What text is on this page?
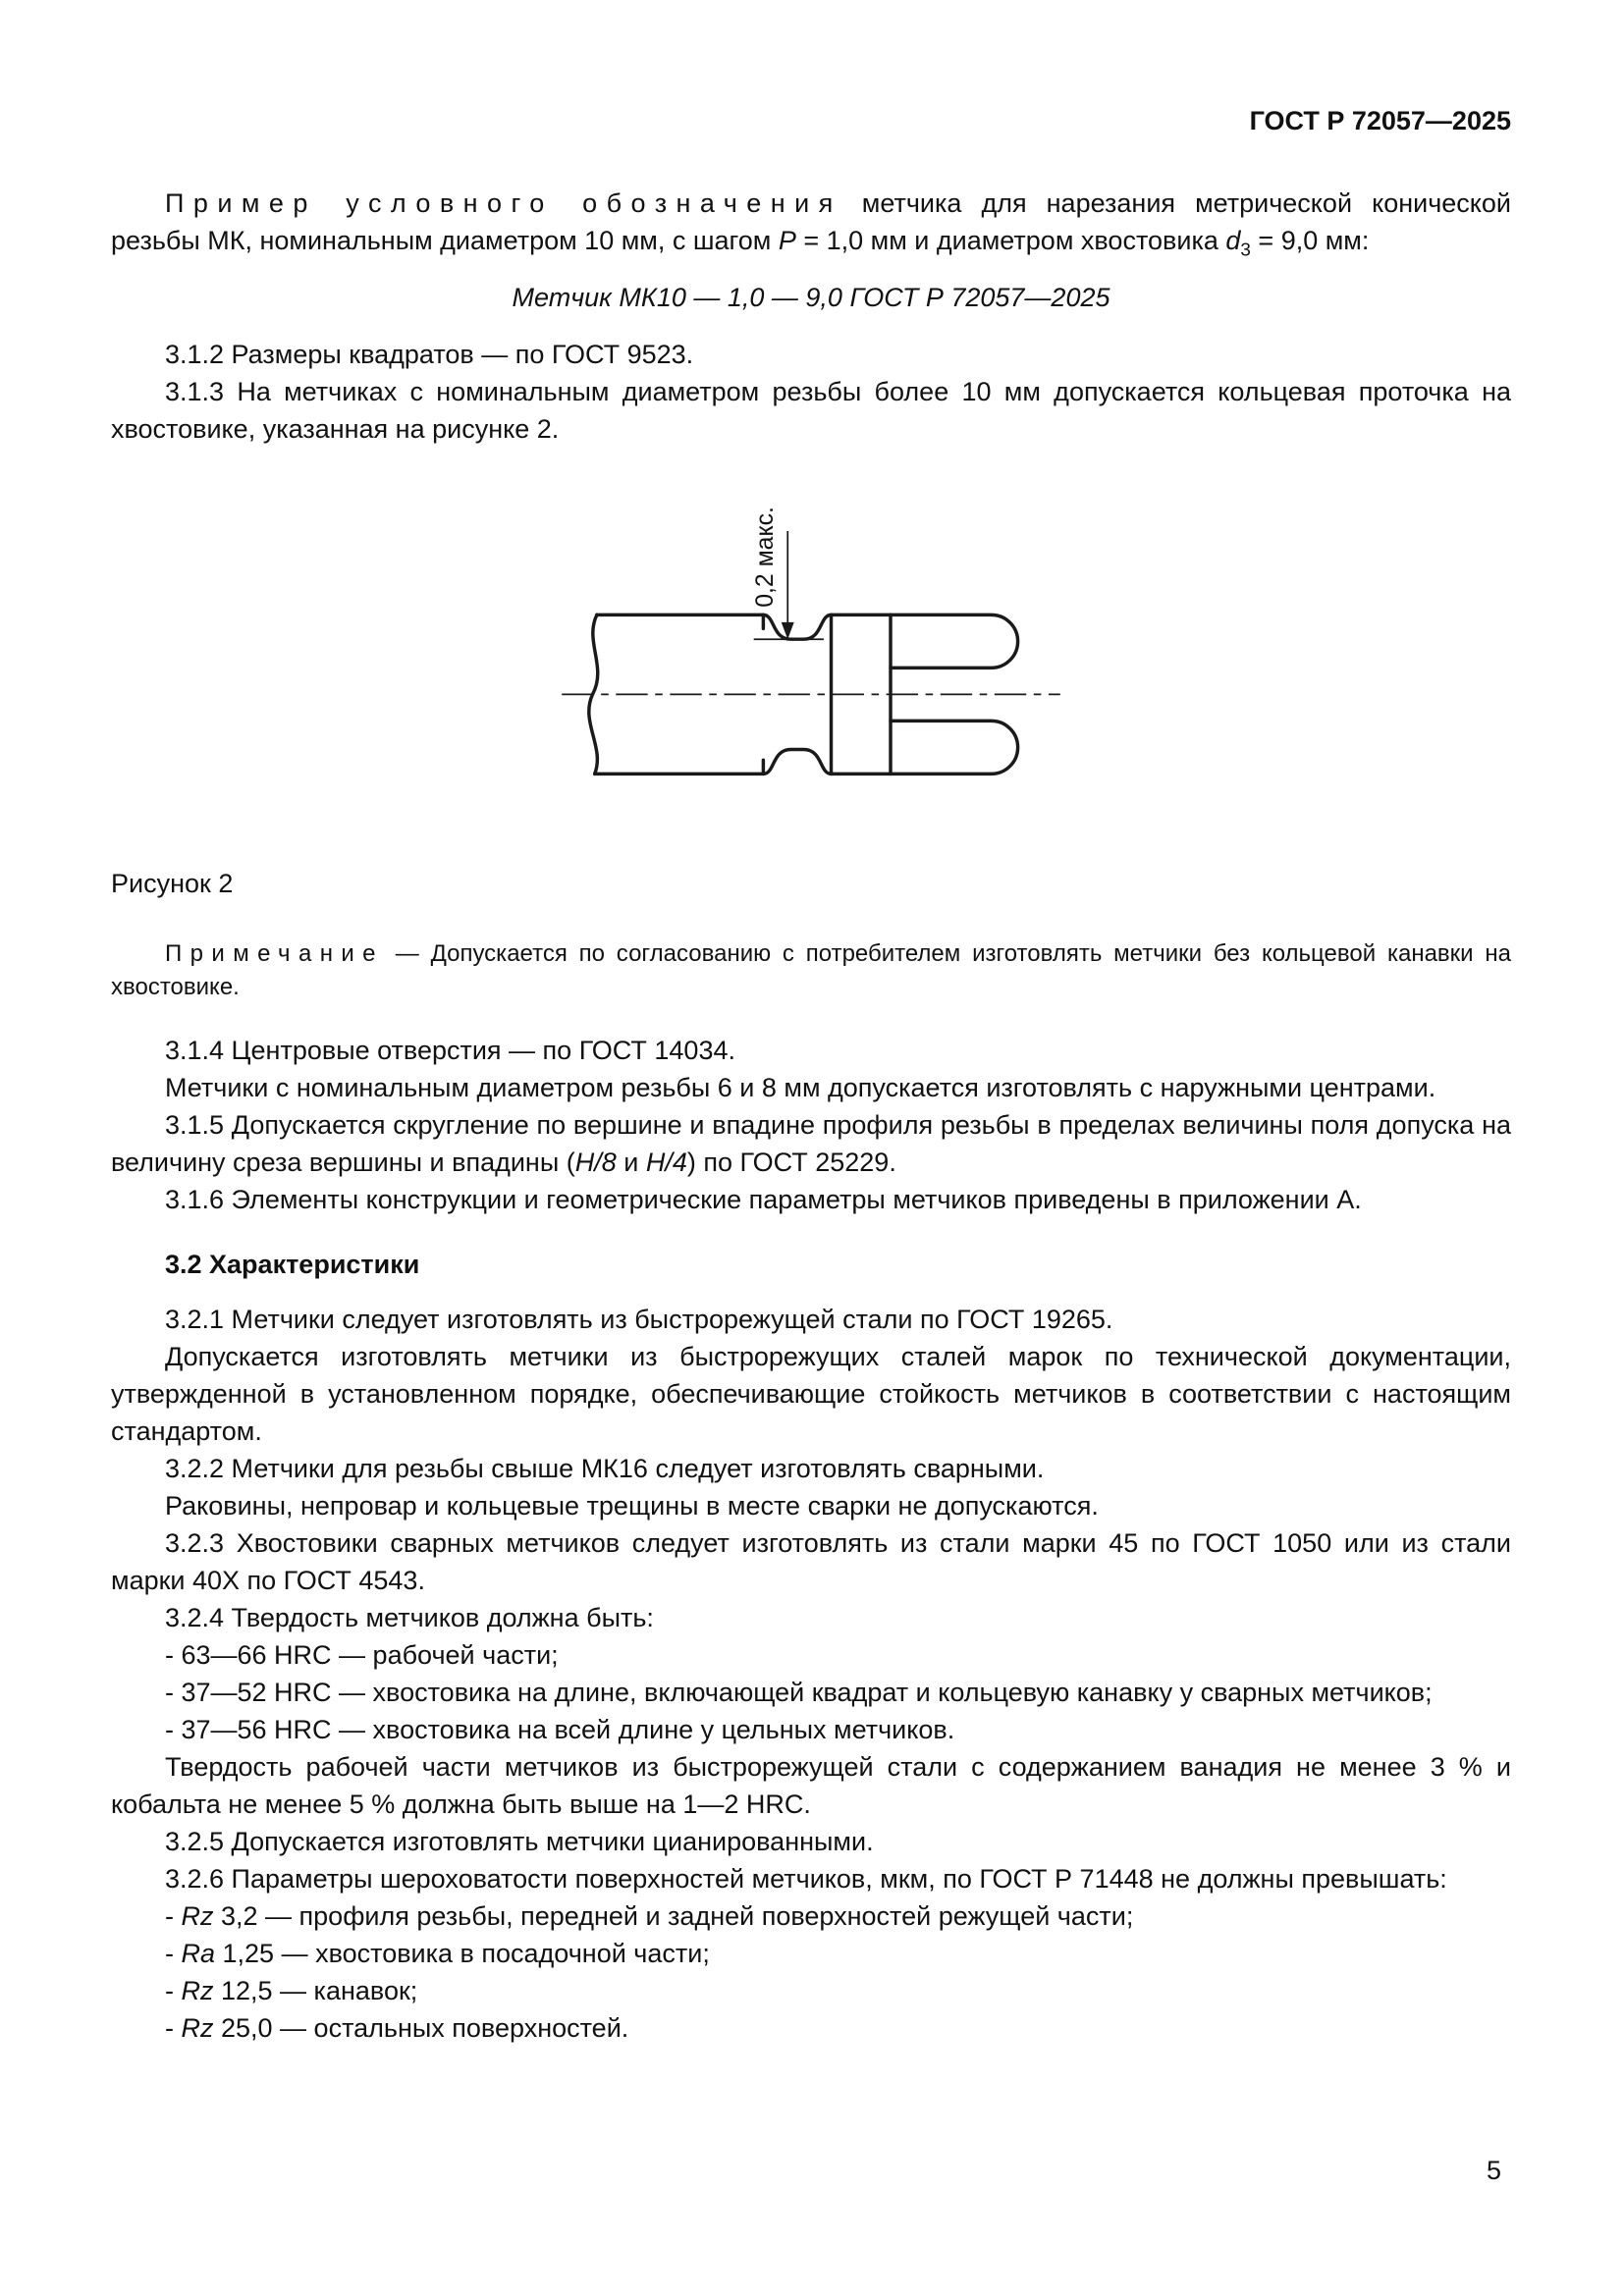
ГОСТ Р 72057—2025

Пример условного обозначения метчика для нарезания метрической конической резьбы МК, номинальным диаметром 10 мм, с шагом P = 1,0 мм и диаметром хвостовика $d_3 = 9,0$ мм:

Метчик МК10 — 1,0 — 9,0 ГОСТ Р 72057—2025

3.1.2 Размеры квадратов — по ГОСТ 9523.

3.1.3 На метчиках с номинальным диаметром резьбы более 10 мм допускается кольцевая проточка на хвостовике, указанная на рисунке 2.

0,2 макс.

Рисунок 2

Примечание — Допускается по согласованию с потребителем изготовлять метчики без кольцевой канавки на хвостовике.

3.1.4 Центровые отверстия — по ГОСТ 14034.

Метчики с номинальным диаметром резьбы 6 и 8 мм допускается изготовлять с наружными центрами.

3.1.5 Допускается скругление по вершине и впадине профиля резьбы в пределах величины поля допуска на величину среза вершины и впадины (H/8 и H/4) по ГОСТ 25229.

3.1.6 Элементы конструкции и геометрические параметры метчиков приведены в приложении А.

3.2 Характеристики

3.2.1 Метчики следует изготовлять из быстрорежущей стали по ГОСТ 19265.

Допускается изготовлять метчики из быстрорежущих сталей марок по технической документации, утвержденной в установленном порядке, обеспечивающие стойкость метчиков в соответствии с настоящим стандартом.

3.2.2 Метчики для резьбы свыше МК16 следует изготовлять сварными.

Раковины, непровар и кольцевые трещины в месте сварки не допускаются.

3.2.3 Хвостовики сварных метчиков следует изготовлять из стали марки 45 по ГОСТ 1050 или из стали марки 40Х по ГОСТ 4543.

3.2.4 Твердость метчиков должна быть:

- 63—66 HRC — рабочей части;

- 37—52 HRC — хвостовика на длине, включающей квадрат и кольцевую канавку у сварных метчиков;

- 37—56 HRC — хвостовика на всей длине у цельных метчиков.

Твердость рабочей части метчиков из быстрорежущей стали с содержанием ванадия не менее 3 % и кобальта не менее 5 % должна быть выше на 1—2 HRC.

3.2.5 Допускается изготовлять метчики цианированными.

3.2.6 Параметры шероховатости поверхностей метчиков, мкм, по ГОСТ Р 71448 не должны превышать:

- Rz 3,2 — профиля резьбы, передней и задней поверхностей режущей части;

- Ra 1,25 — хвостовика в посадочной части;

- Rz 12,5 — канавок;

- Rz 25,0 — остальных поверхностей.

5
